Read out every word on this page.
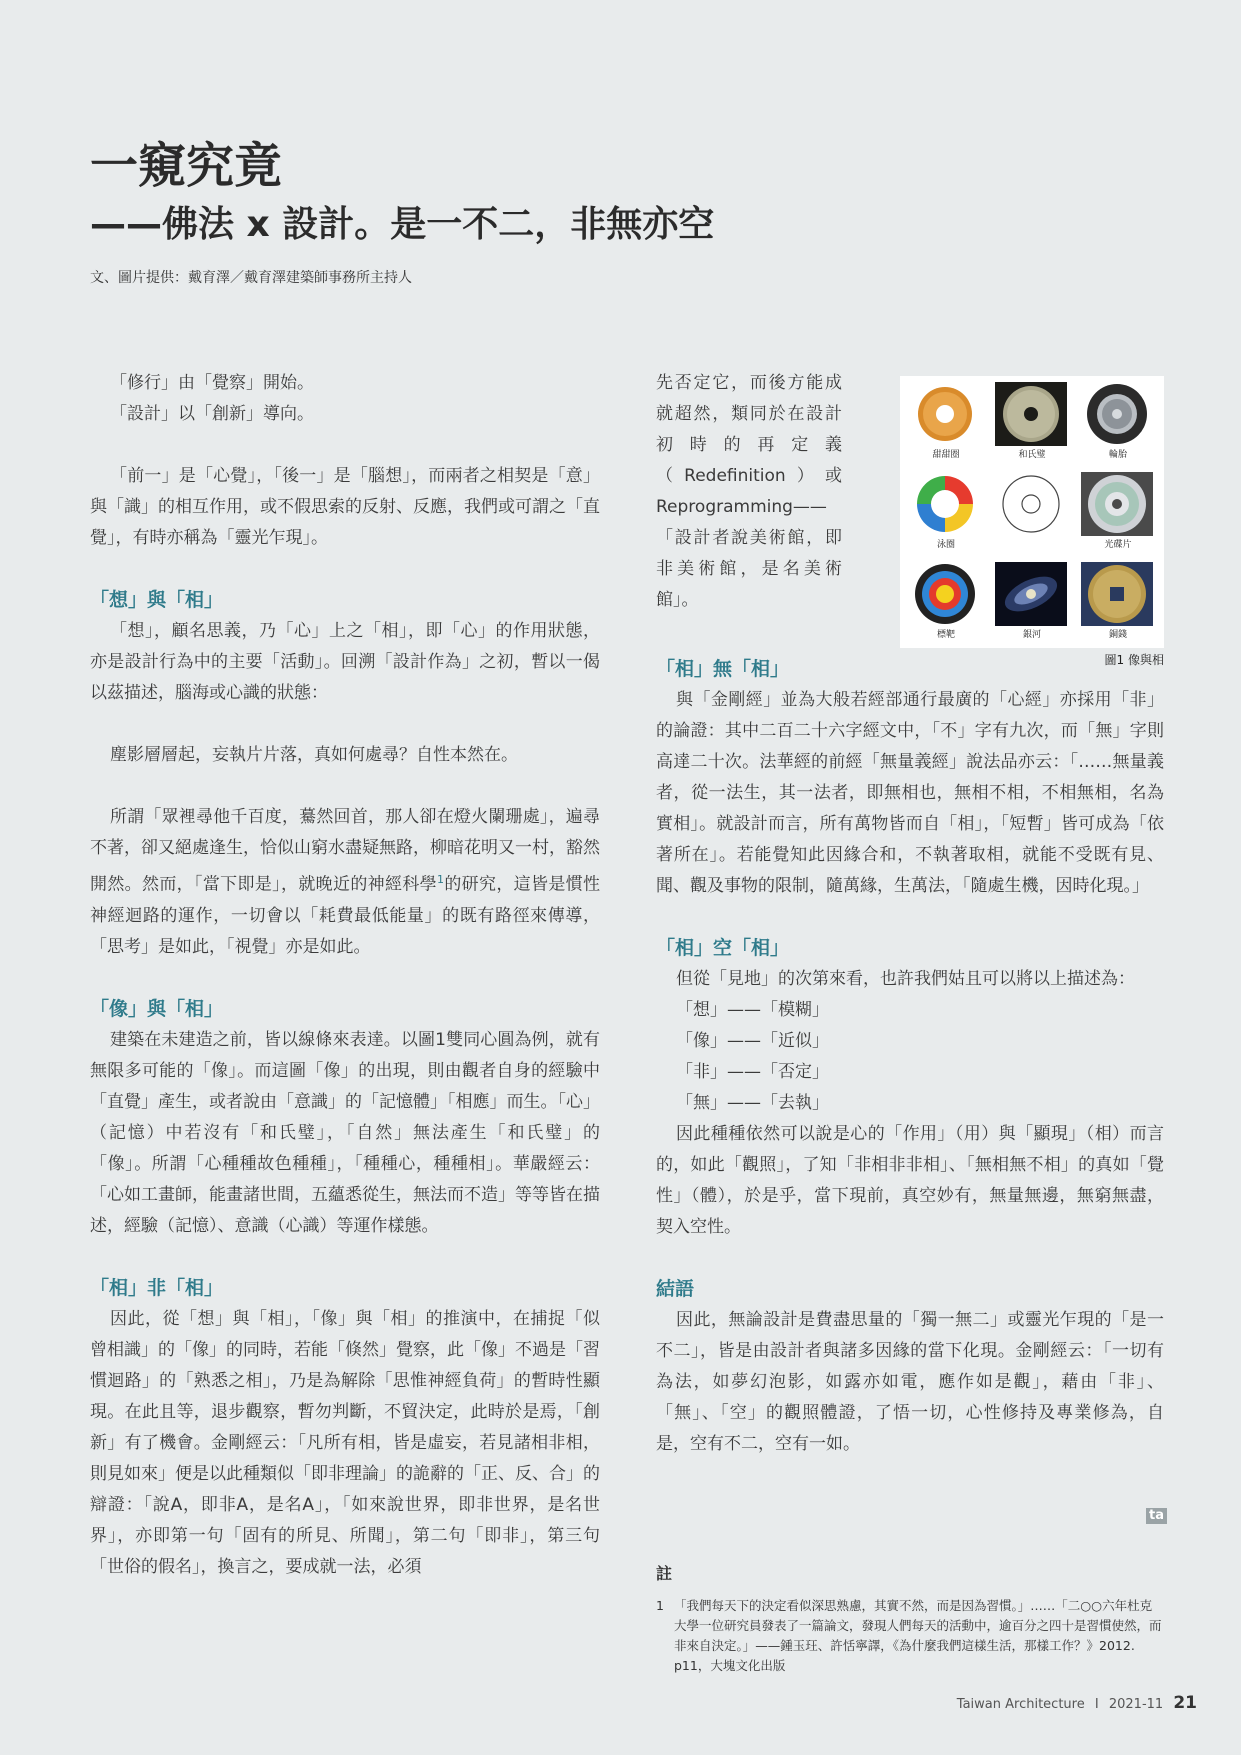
一窺究竟
——佛法 x 設計。是一不二，非無亦空
文、圖片提供：戴育澤／戴育澤建築師事務所主持人

「修行」由「覺察」開始。

「設計」以「創新」導向。

「前一」是「心覺」，「後一」是「腦想」，而兩者之相契是「意」與「識」的相互作用，或不假思索的反射、反應，我們或可謂之「直覺」，有時亦稱為「靈光乍現」。

「想」與「相」

「想」，顧名思義，乃「心」上之「相」，即「心」的作用狀態，亦是設計行為中的主要「活動」。回溯「設計作為」之初，暫以一偈以茲描述，腦海或心識的狀態：

塵影層層起，妄執片片落，真如何處尋？自性本然在。

所謂「眾裡尋他千百度，驀然回首，那人卻在燈火闌珊處」，遍尋不著，卻又絕處逢生，恰似山窮水盡疑無路，柳暗花明又一村，豁然開然。然而，「當下即是」，就晚近的神經科學$^1$的研究，這皆是慣性神經迴路的運作，一切會以「耗費最低能量」的既有路徑來傳導，「思考」是如此，「視覺」亦是如此。

「像」與「相」

建築在未建造之前，皆以線條來表達。以圖1雙同心圓為例，就有無限多可能的「像」。而這圖「像」的出現，則由觀者自身的經驗中「直覺」產生，或者說由「意識」的「記憶體」「相應」而生。「心」（記憶）中若沒有「和氏璧」，「自然」無法產生「和氏璧」的「像」。所謂「心種種故色種種」，「種種心，種種相」。華嚴經云：「心如工畫師，能畫諸世間，五蘊悉從生，無法而不造」等等皆在描述，經驗（記憶）、意識（心識）等運作樣態。

「相」非「相」

因此，從「想」與「相」，「像」與「相」的推演中，在捕捉「似曾相識」的「像」的同時，若能「倏然」覺察，此「像」不過是「習慣迴路」的「熟悉之相」，乃是為解除「思惟神經負荷」的暫時性顯現。在此且等，退步觀察，暫勿判斷，不貿決定，此時於是焉，「創新」有了機會。金剛經云：「凡所有相，皆是虛妄，若見諸相非相，則見如來」便是以此種類似「即非理論」的詭辭的「正、反、合」的辯證：「說A，即非A，是名A」，「如來說世界，即非世界，是名世界」，亦即第一句「固有的所見、所聞」，第二句「即非」，第三句「世俗的假名」，換言之，要成就一法，必須

先否定它，而後方能成就超然，類同於在設計初時的再定義（Redefinition）或Reprogramming——「設計者說美術館，即非美術館，是名美術館」。

甜甜圈	和氏璧	輪胎
泳圈	光碟片
標靶	銀河	銅錢
圖1 像與相
「相」無「相」

與「金剛經」並為大般若經部通行最廣的「心經」亦採用「非」的論證：其中二百二十六字經文中，「不」字有九次，而「無」字則高達二十次。法華經的前經「無量義經」說法品亦云：「……無量義者，從一法生，其一法者，即無相也，無相不相，不相無相，名為實相」。就設計而言，所有萬物皆而自「相」，「短暫」皆可成為「依著所在」。若能覺知此因緣合和，不執著取相，就能不受既有見、聞、觀及事物的限制，隨萬緣，生萬法，「隨處生機，因時化現。」

「相」空「相」

但從「見地」的次第來看，也許我們姑且可以將以上描述為：

「想」——「模糊」

「像」——「近似」

「非」——「否定」

「無」——「去執」

因此種種依然可以說是心的「作用」（用）與「顯現」（相）而言的，如此「觀照」，了知「非相非非相」、「無相無不相」的真如「覺性」（體），於是乎，當下現前，真空妙有，無量無邊，無窮無盡，契入空性。

結語

因此，無論設計是費盡思量的「獨一無二」或靈光乍現的「是一不二」，皆是由設計者與諸多因緣的當下化現。金剛經云：「一切有為法，如夢幻泡影，如露亦如電，應作如是觀」，藉由「非」、「無」、「空」的觀照體證，了悟一切，心性修持及專業修為，自是，空有不二，空有一如。

ta
註
1 「我們每天下的決定看似深思熟慮，其實不然，而是因為習慣。」……「二○○六年杜克大學一位研究員發表了一篇論文，發現人們每天的活動中，逾百分之四十是習慣使然，而非來自決定。」——鍾玉玨、許恬寧譯，《為什麼我們這樣生活，那樣工作？》2012. p11，大塊文化出版
Taiwan Architecture I 2021-11 21
